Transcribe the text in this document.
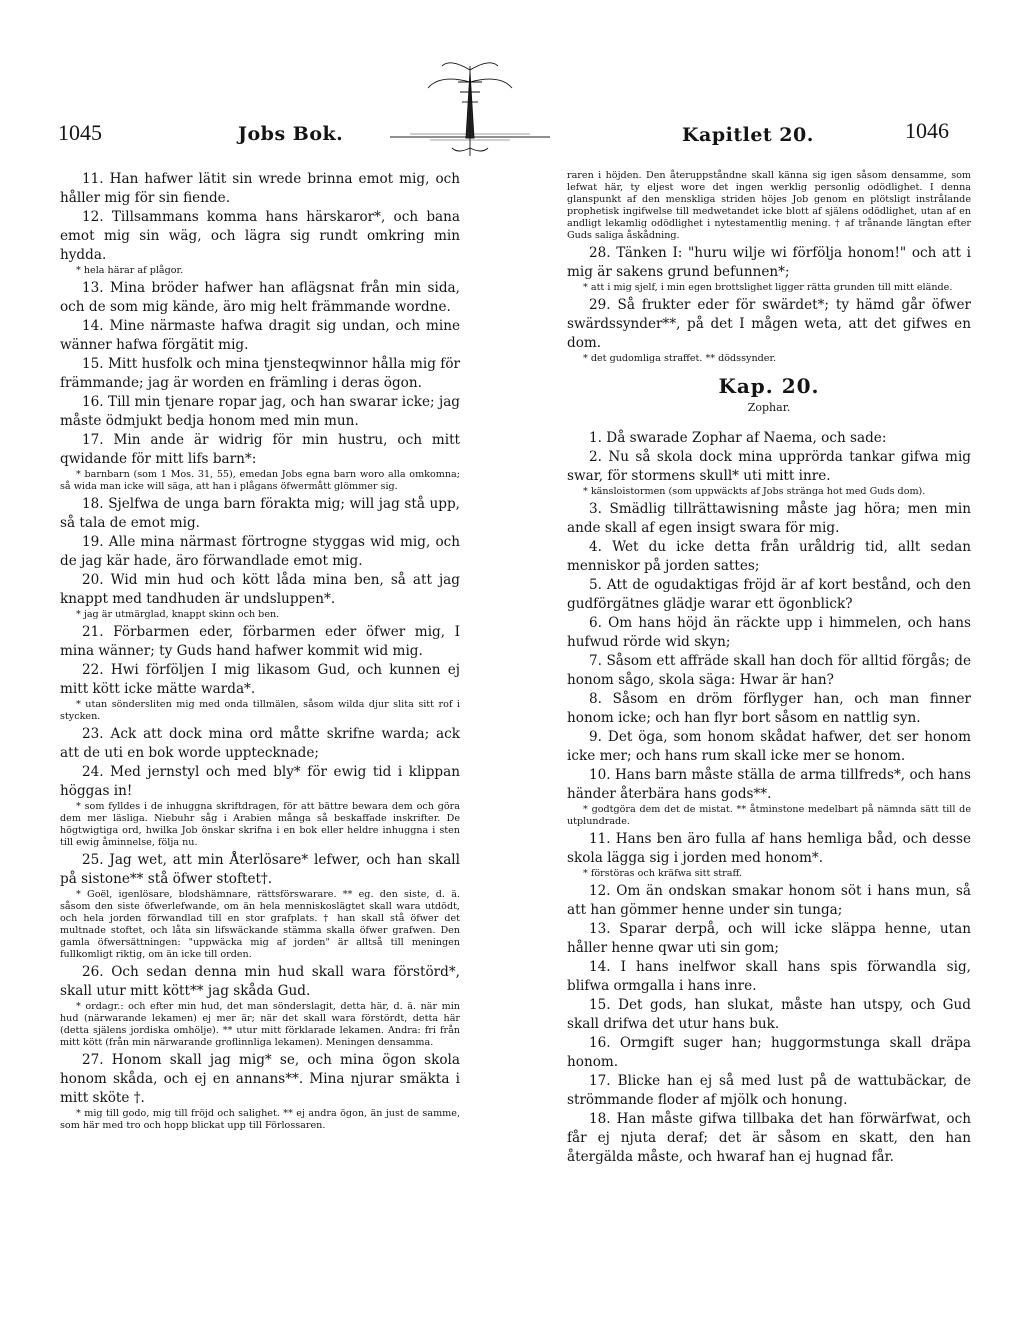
1045	Jobs Bok.	Kapitlet 20.	1046

11. Han hafwer lätit sin wrede brinna emot mig, och håller mig för sin fiende.

12. Tillsammans komma hans härskaror*, och bana emot mig sin wäg, och lägra sig rundt omkring min hydda.

* hela härar af plågor.

13. Mina bröder hafwer han aflägsnat från min sida, och de som mig kände, äro mig helt främmande wordne.

14. Mine närmaste hafwa dragit sig undan, och mine wänner hafwa förgätit mig.

15. Mitt husfolk och mina tjensteqwinnor hålla mig för främmande; jag är worden en främling i deras ögon.

16. Till min tjenare ropar jag, och han swarar icke; jag måste ödmjukt bedja honom med min mun.

17. Min ande är widrig för min hustru, och mitt qwidande för mitt lifs barn*:

* barnbarn (som 1 Mos. 31, 55), emedan Jobs egna barn woro alla omkomna; så wida man icke will säga, att han i plågans öfwermått glömmer sig.

18. Sjelfwa de unga barn förakta mig; will jag stå upp, så tala de emot mig.

19. Alle mina närmast förtrogne styggas wid mig, och de jag kär hade, äro förwandlade emot mig.

20. Wid min hud och kött låda mina ben, så att jag knappt med tandhuden är undsluppen*.

* jag är utmärglad, knappt skinn och ben.

21. Förbarmen eder, förbarmen eder öfwer mig, I mina wänner; ty Guds hand hafwer kommit wid mig.

22. Hwi förföljen I mig likasom Gud, och kunnen ej mitt kött icke mätte warda*.

* utan söndersliten mig med onda tillmälen, såsom wilda djur slita sitt rof i stycken.

23. Ack att dock mina ord måtte skrifne warda; ack att de uti en bok worde upptecknade;

24. Med jernstyl och med bly* för ewig tid i klippan höggas in!

* som fylldes i de inhuggna skriftdragen, för att bättre bewara dem och göra dem mer läsliga. Niebuhr såg i Arabien många så beskaffade inskrifter. De högtwigtiga ord, hwilka Job önskar skrifna i en bok eller heldre inhuggna i sten till ewig åminnelse, följa nu.

25. Jag wet, att min Återlösare* lefwer, och han skall på sistone** stå öfwer stoftet†.

* Goël, igenlösare, blodshämnare, rättsförswarare. ** eg. den siste, d. ä. såsom den siste öfwerlefwande, om än hela menniskoslägtet skall wara utdödt, och hela jorden förwandlad till en stor grafplats. † han skall stå öfwer det multnade stoftet, och låta sin lifswäckande stämma skalla öfwer grafwen. Den gamla öfwersättningen: "uppwäcka mig af jorden" är alltså till meningen fullkomligt riktig, om än icke till orden.

26. Och sedan denna min hud skall wara förstörd*, skall utur mitt kött** jag skåda Gud.

* ordagr.: och efter min hud, det man sönderslagit, detta här, d. ä. när min hud (närwarande lekamen) ej mer är; när det skall wara förstördt, detta här (detta själens jordiska omhölje). ** utur mitt förklarade lekamen. Andra: fri från mitt kött (från min närwarande groflinnliga lekamen). Meningen densamma.

27. Honom skall jag mig* se, och mina ögon skola honom skåda, och ej en annans**. Mina njurar smäkta i mitt sköte †.

* mig till godo, mig till fröjd och salighet. ** ej andra ögon, än just de samme, som här med tro och hopp blickat upp till Förlossaren.

raren i höjden. Den återuppståndne skall känna sig igen såsom densamme, som lefwat här, ty eljest wore det ingen werklig personlig odödlighet. I denna glanspunkt af den menskliga striden höjes Job genom en plötsligt instrålande prophetisk ingifwelse till medwetandet icke blott af själens odödlighet, utan af en andligt lekamlig odödlighet i nytestamentlig mening. † af trånande längtan efter Guds saliga åskådning.

28. Tänken I: "huru wilje wi förfölja honom!" och att i mig är sakens grund befunnen*;

* att i mig sjelf, i min egen brottslighet ligger rätta grunden till mitt elände.

29. Så frukter eder för swärdet*; ty hämd går öfwer swärdssynder**, på det I mågen weta, att det gifwes en dom.

* det gudomliga straffet. ** dödssynder.

Kap. 20.
Zophar.

1. Då swarade Zophar af Naema, och sade:

2. Nu så skola dock mina upprörda tankar gifwa mig swar, för stormens skull* uti mitt inre.

* känsloistormen (som uppwäckts af Jobs stränga hot med Guds dom).

3. Smädlig tillrättawisning måste jag höra; men min ande skall af egen insigt swara för mig.

4. Wet du icke detta från uråldrig tid, allt sedan menniskor på jorden sattes;

5. Att de ogudaktigas fröjd är af kort bestånd, och den gudförgätnes glädje warar ett ögonblick?

6. Om hans höjd än räckte upp i himmelen, och hans hufwud rörde wid skyn;

7. Såsom ett affräde skall han doch för alltid förgås; de honom sågo, skola säga: Hwar är han?

8. Såsom en dröm förflyger han, och man finner honom icke; och han flyr bort såsom en nattlig syn.

9. Det öga, som honom skådat hafwer, det ser honom icke mer; och hans rum skall icke mer se honom.

10. Hans barn måste ställa de arma tillfreds*, och hans händer återbära hans gods**.

* godtgöra dem det de mistat. ** åtminstone medelbart på nämnda sätt till de utplundrade.

11. Hans ben äro fulla af hans hemliga båd, och desse skola lägga sig i jorden med honom*.

* förstöras och kräfwa sitt straff.

12. Om än ondskan smakar honom söt i hans mun, så att han gömmer henne under sin tunga;

13. Sparar derpå, och will icke släppa henne, utan håller henne qwar uti sin gom;

14. I hans inelfwor skall hans spis förwandla sig, blifwa ormgalla i hans inre.

15. Det gods, han slukat, måste han utspy, och Gud skall drifwa det utur hans buk.

16. Ormgift suger han; huggormstunga skall dräpa honom.

17. Blicke han ej så med lust på de wattubäckar, de strömmande floder af mjölk och honung.

18. Han måste gifwa tillbaka det han förwärfwat, och får ej njuta deraf; det är såsom en skatt, den han återgälda måste, och hwaraf han ej hugnad får.
